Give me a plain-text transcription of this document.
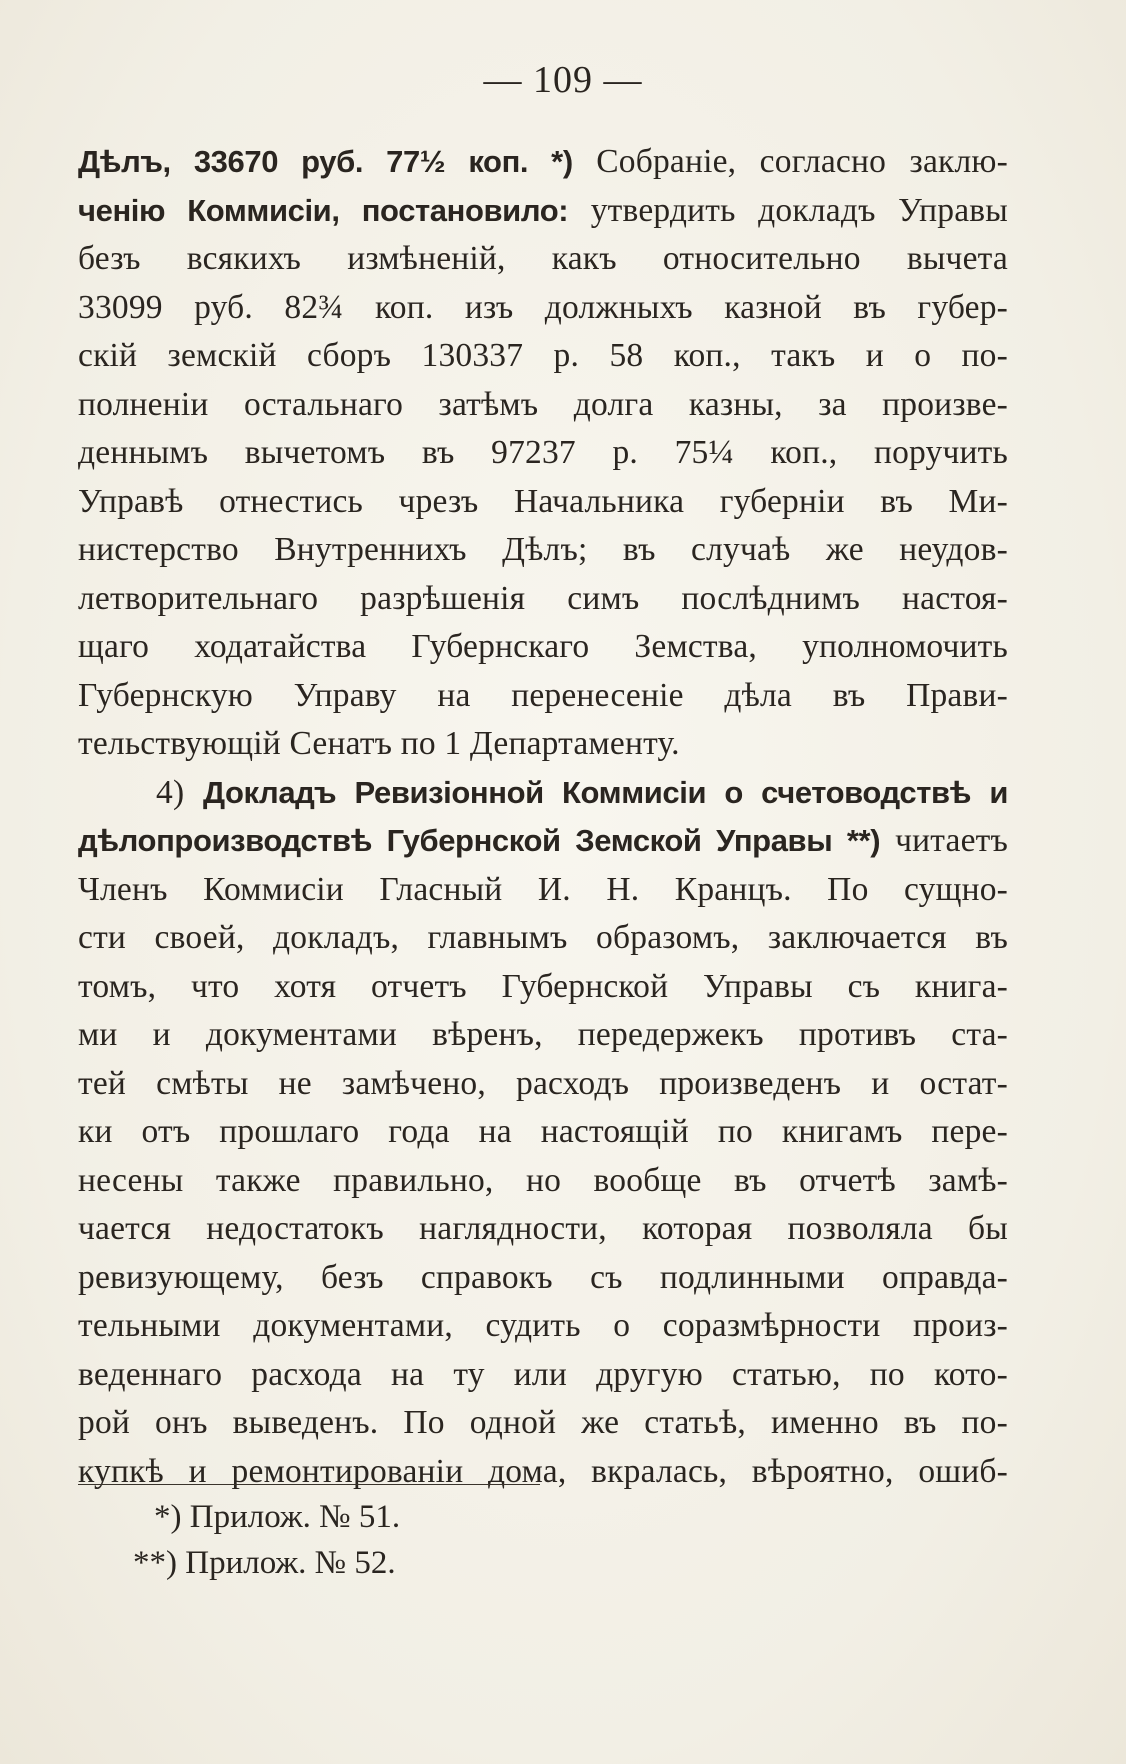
— 109 —
Дѣлъ, 33670 руб. 77½ коп. *) Собраніе, согласно заклю-
ченію Коммисіи, постановило: утвердить докладъ Управы
безъ всякихъ измѣненій, какъ относительно вычета
33099 руб. 82¾ коп. изъ должныхъ казной въ губер-
скій земскій сборъ 130337 р. 58 коп., такъ и о по-
полненіи остальнаго затѣмъ долга казны, за произве-
деннымъ вычетомъ въ 97237 р. 75¼ коп., поручить
Управѣ отнестись чрезъ Начальника губерніи въ Ми-
нистерство Внутреннихъ Дѣлъ; въ случаѣ же неудов-
летворительнаго разрѣшенія симъ послѣднимъ настоя-
щаго ходатайства Губернскаго Земства, уполномочить
Губернскую Управу на перенесеніе дѣла въ Прави-
тельствующій Сенатъ по 1 Департаменту.
4) Докладъ Ревизіонной Коммисіи о счетоводствѣ и
дѣлопроизводствѣ Губернской Земской Управы **) читаетъ
Членъ Коммисіи Гласный И. Н. Кранцъ. По сущно-
сти своей, докладъ, главнымъ образомъ, заключается въ
томъ, что хотя отчетъ Губернской Управы съ книга-
ми и документами вѣренъ, передержекъ противъ ста-
тей смѣты не замѣчено, расходъ произведенъ и остат-
ки отъ прошлаго года на настоящій по книгамъ пере-
несены также правильно, но вообще въ отчетѣ замѣ-
чается недостатокъ наглядности, которая позволяла бы
ревизующему, безъ справокъ съ подлинными оправда-
тельными документами, судить о соразмѣрности произ-
веденнаго расхода на ту или другую статью, по кото-
рой онъ выведенъ. По одной же статьѣ, именно въ по-
купкѣ и ремонтированіи дома, вкралась, вѣроятно, ошиб-
*) Прилож. № 51.
**) Прилож. № 52.
